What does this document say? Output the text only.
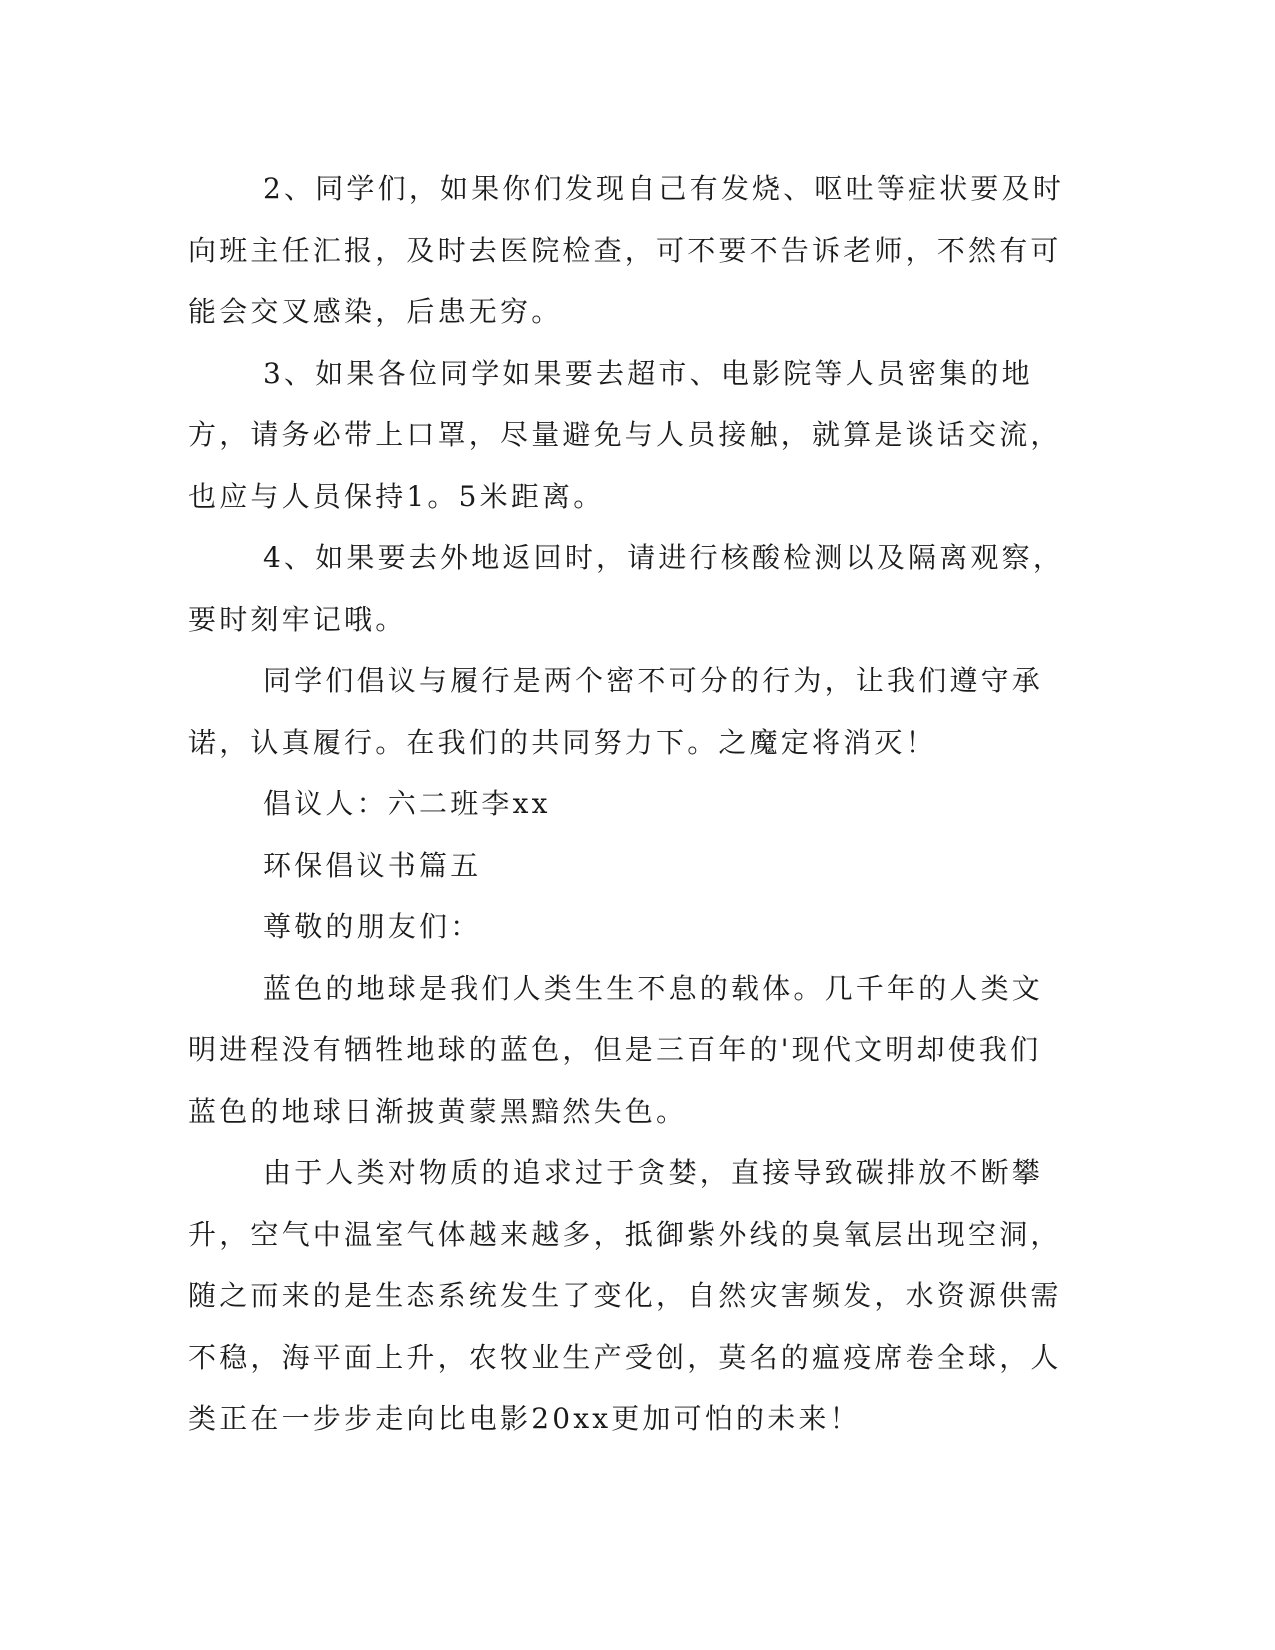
2、同学们，如果你们发现自己有发烧、呕吐等症状要及时向班主任汇报，及时去医院检查，可不要不告诉老师，不然有可能会交叉感染，后患无穷。

3、如果各位同学如果要去超市、电影院等人员密集的地方，请务必带上口罩，尽量避免与人员接触，就算是谈话交流，也应与人员保持1。5米距离。

4、如果要去外地返回时，请进行核酸检测以及隔离观察，要时刻牢记哦。

同学们倡议与履行是两个密不可分的行为，让我们遵守承诺，认真履行。在我们的共同努力下。之魔定将消灭！

倡议人：六二班李xx

环保倡议书篇五

尊敬的朋友们：

蓝色的地球是我们人类生生不息的载体。几千年的人类文明进程没有牺牲地球的蓝色，但是三百年的'现代文明却使我们蓝色的地球日渐披黄蒙黑黯然失色。

由于人类对物质的追求过于贪婪，直接导致碳排放不断攀升，空气中温室气体越来越多，抵御紫外线的臭氧层出现空洞，随之而来的是生态系统发生了变化，自然灾害频发，水资源供需不稳，海平面上升，农牧业生产受创，莫名的瘟疫席卷全球，人类正在一步步走向比电影20xx更加可怕的未来！
